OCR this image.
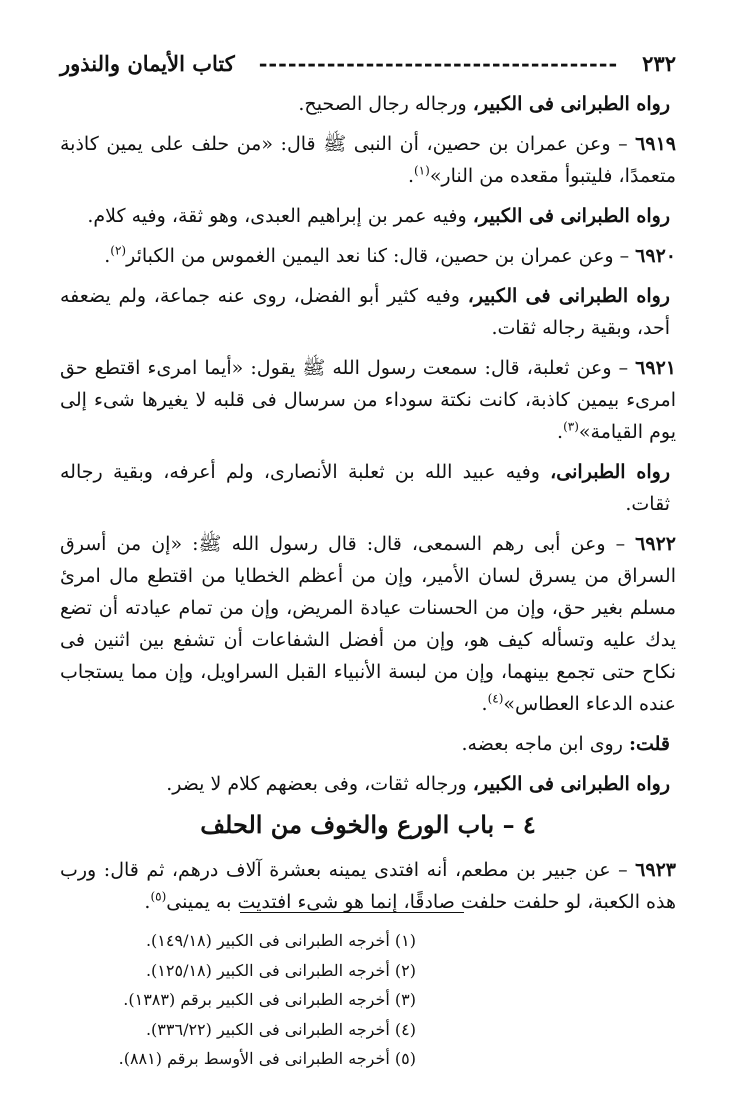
٢٣٢
-------------------------------------
كتاب الأيمان والنذور

رواه الطبرانى فى الكبير، ورجاله رجال الصحيح.

٦٩١٩ – وعن عمران بن حصين، أن النبى ﷺ قال: «من حلف على يمين كاذبة متعمدًا، فليتبوأ مقعده من النار»$^{(١)}$.

رواه الطبرانى فى الكبير، وفيه عمر بن إبراهيم العبدى، وهو ثقة، وفيه كلام.

٦٩٢٠ – وعن عمران بن حصين، قال: كنا نعد اليمين الغموس من الكبائر$^{(٢)}$.

رواه الطبرانى فى الكبير، وفيه كثير أبو الفضل، روى عنه جماعة، ولم يضعفه أحد، وبقية رجاله ثقات.

٦٩٢١ – وعن ثعلبة، قال: سمعت رسول الله ﷺ يقول: «أيما امرىء اقتطع حق امرىء بيمين كاذبة، كانت نكتة سوداء من سرسال فى قلبه لا يغيرها شىء إلى يوم القيامة»$^{(٣)}$.

رواه الطبرانى، وفيه عبيد الله بن ثعلبة الأنصارى، ولم أعرفه، وبقية رجاله ثقات.

٦٩٢٢ – وعن أبى رهم السمعى، قال: قال رسول الله ﷺ: «إن من أسرق السراق من يسرق لسان الأمير، وإن من أعظم الخطايا من اقتطع مال امرئ مسلم بغير حق، وإن من الحسنات عيادة المريض، وإن من تمام عيادته أن تضع يدك عليه وتسأله كيف هو، وإن من أفضل الشفاعات أن تشفع بين اثنين فى نكاح حتى تجمع بينهما، وإن من لبسة الأنبياء القبل السراويل، وإن مما يستجاب عنده الدعاء العطاس»$^{(٤)}$.

قلت: روى ابن ماجه بعضه.

رواه الطبرانى فى الكبير، ورجاله ثقات، وفى بعضهم كلام لا يضر.

٤ – باب الورع والخوف من الحلف

٦٩٢٣ – عن جبير بن مطعم، أنه افتدى يمينه بعشرة آلاف درهم، ثم قال: ورب هذه الكعبة، لو حلفت حلفت صادقًا، إنما هو شىء افتديت به يمينى$^{(٥)}$.

(١) أخرجه الطبرانى فى الكبير (١٤٩/١٨).
(٢) أخرجه الطبرانى فى الكبير (١٢٥/١٨).
(٣) أخرجه الطبرانى فى الكبير برقم (١٣٨٣).
(٤) أخرجه الطبرانى فى الكبير (٣٣٦/٢٢).
(٥) أخرجه الطبرانى فى الأوسط برقم (٨٨١).
